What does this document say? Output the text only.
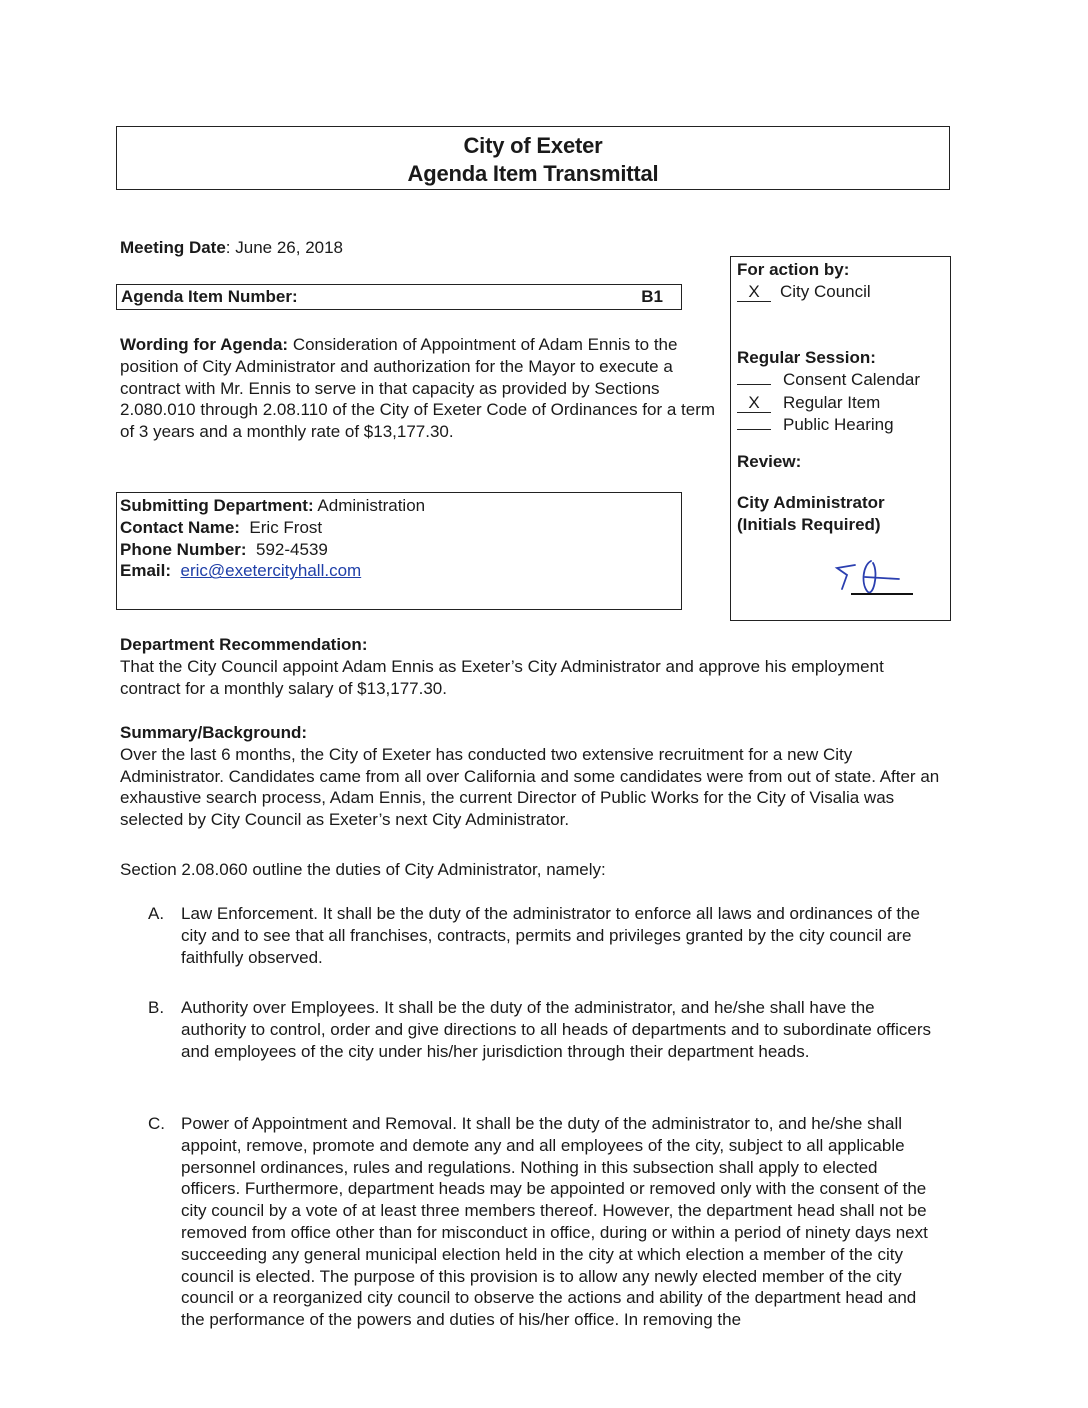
City of Exeter
Agenda Item Transmittal
Meeting Date: June 26, 2018
Agenda Item Number:	B1
Wording for Agenda: Consideration of Appointment of Adam Ennis to the position of City Administrator and authorization for the Mayor to execute a contract with Mr. Ennis to serve in that capacity as provided by Sections 2.080.010 through 2.08.110 of the City of Exeter Code of Ordinances for a term of 3 years and a monthly rate of $13,177.30.
Submitting Department: Administration
Contact Name: Eric Frost
Phone Number: 592-4539
Email: eric@exetercityhall.com
For action by:
X City Council
Regular Session:
Consent Calendar
X Regular Item
Public Hearing
Review:
City Administrator
(Initials Required)
Department Recommendation:
That the City Council appoint Adam Ennis as Exeter’s City Administrator and approve his employment contract for a monthly salary of $13,177.30.
Summary/Background:
Over the last 6 months, the City of Exeter has conducted two extensive recruitment for a new City Administrator. Candidates came from all over California and some candidates were from out of state. After an exhaustive search process, Adam Ennis, the current Director of Public Works for the City of Visalia was selected by City Council as Exeter’s next City Administrator.
Section 2.08.060 outline the duties of City Administrator, namely:
A. Law Enforcement. It shall be the duty of the administrator to enforce all laws and ordinances of the city and to see that all franchises, contracts, permits and privileges granted by the city council are faithfully observed.
B. Authority over Employees. It shall be the duty of the administrator, and he/she shall have the authority to control, order and give directions to all heads of departments and to subordinate officers and employees of the city under his/her jurisdiction through their department heads.
C. Power of Appointment and Removal. It shall be the duty of the administrator to, and he/she shall appoint, remove, promote and demote any and all employees of the city, subject to all applicable personnel ordinances, rules and regulations. Nothing in this subsection shall apply to elected officers. Furthermore, department heads may be appointed or removed only with the consent of the city council by a vote of at least three members thereof. However, the department head shall not be removed from office other than for misconduct in office, during or within a period of ninety days next succeeding any general municipal election held in the city at which election a member of the city council is elected. The purpose of this provision is to allow any newly elected member of the city council or a reorganized city council to observe the actions and ability of the department head and the performance of the powers and duties of his/her office. In removing the
